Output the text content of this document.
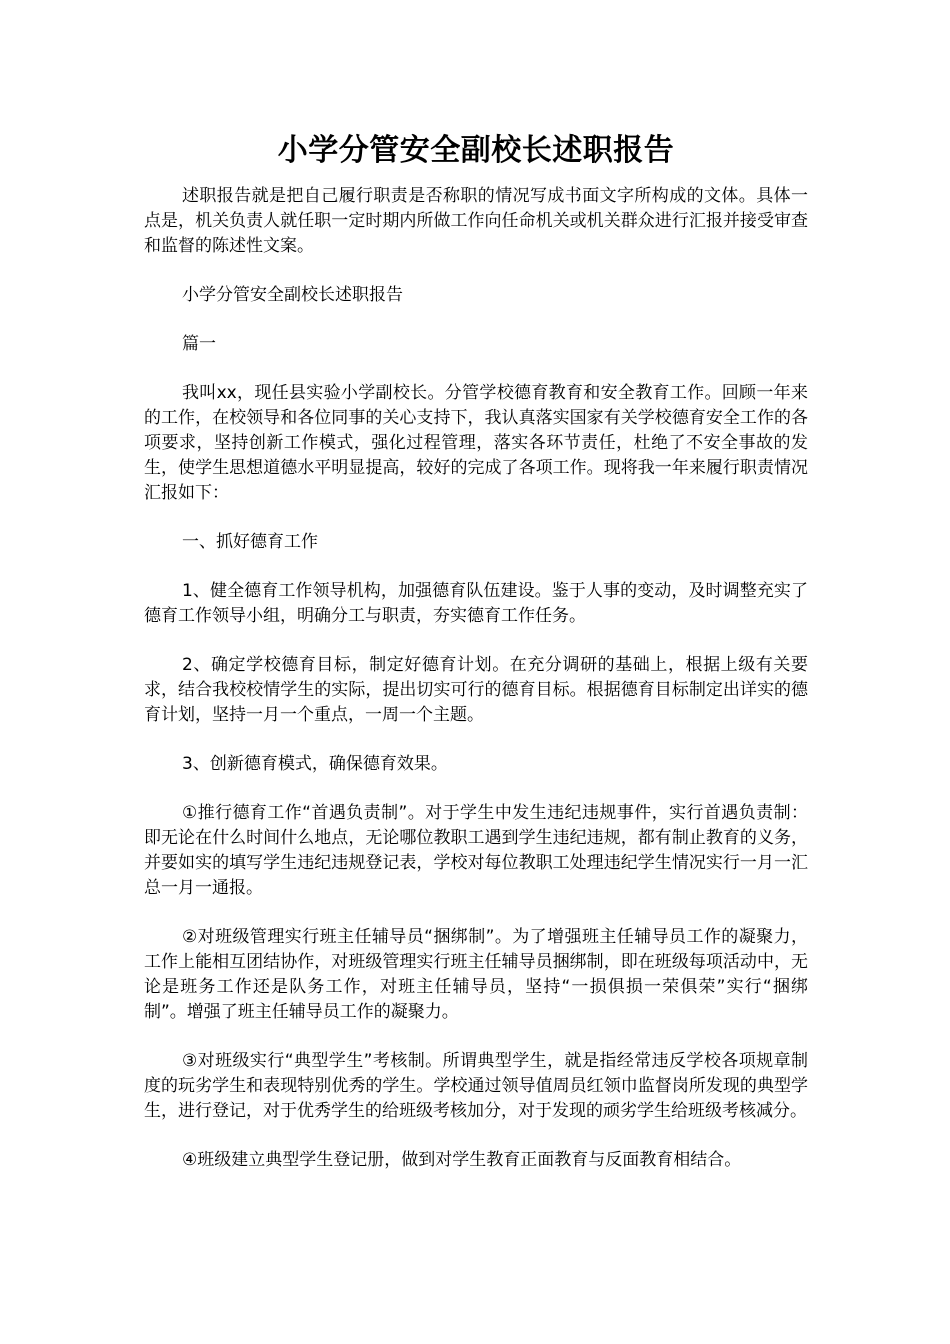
小学分管安全副校长述职报告

述职报告就是把自己履行职责是否称职的情况写成书面文字所构成的文体。具体一点是，机关负责人就任职一定时期内所做工作向任命机关或机关群众进行汇报并接受审查和监督的陈述性文案。

小学分管安全副校长述职报告

篇一

我叫xx，现任县实验小学副校长。分管学校德育教育和安全教育工作。回顾一年来的工作，在校领导和各位同事的关心支持下，我认真落实国家有关学校德育安全工作的各项要求，坚持创新工作模式，强化过程管理，落实各环节责任，杜绝了不安全事故的发生，使学生思想道德水平明显提高，较好的完成了各项工作。现将我一年来履行职责情况汇报如下：

一、抓好德育工作

1、健全德育工作领导机构，加强德育队伍建设。鉴于人事的变动，及时调整充实了德育工作领导小组，明确分工与职责，夯实德育工作任务。

2、确定学校德育目标，制定好德育计划。在充分调研的基础上，根据上级有关要求，结合我校校情学生的实际，提出切实可行的德育目标。根据德育目标制定出详实的德育计划，坚持一月一个重点，一周一个主题。

3、创新德育模式，确保德育效果。

①推行德育工作“首遇负责制”。对于学生中发生违纪违规事件，实行首遇负责制：即无论在什么时间什么地点，无论哪位教职工遇到学生违纪违规，都有制止教育的义务，并要如实的填写学生违纪违规登记表，学校对每位教职工处理违纪学生情况实行一月一汇总一月一通报。

②对班级管理实行班主任辅导员“捆绑制”。为了增强班主任辅导员工作的凝聚力，工作上能相互团结协作，对班级管理实行班主任辅导员捆绑制，即在班级每项活动中，无论是班务工作还是队务工作，对班主任辅导员，坚持“一损俱损一荣俱荣”实行“捆绑制”。增强了班主任辅导员工作的凝聚力。

③对班级实行“典型学生”考核制。所谓典型学生，就是指经常违反学校各项规章制度的玩劣学生和表现特别优秀的学生。学校通过领导值周员红领巾监督岗所发现的典型学生，进行登记，对于优秀学生的给班级考核加分，对于发现的顽劣学生给班级考核减分。

④班级建立典型学生登记册，做到对学生教育正面教育与反面教育相结合。
